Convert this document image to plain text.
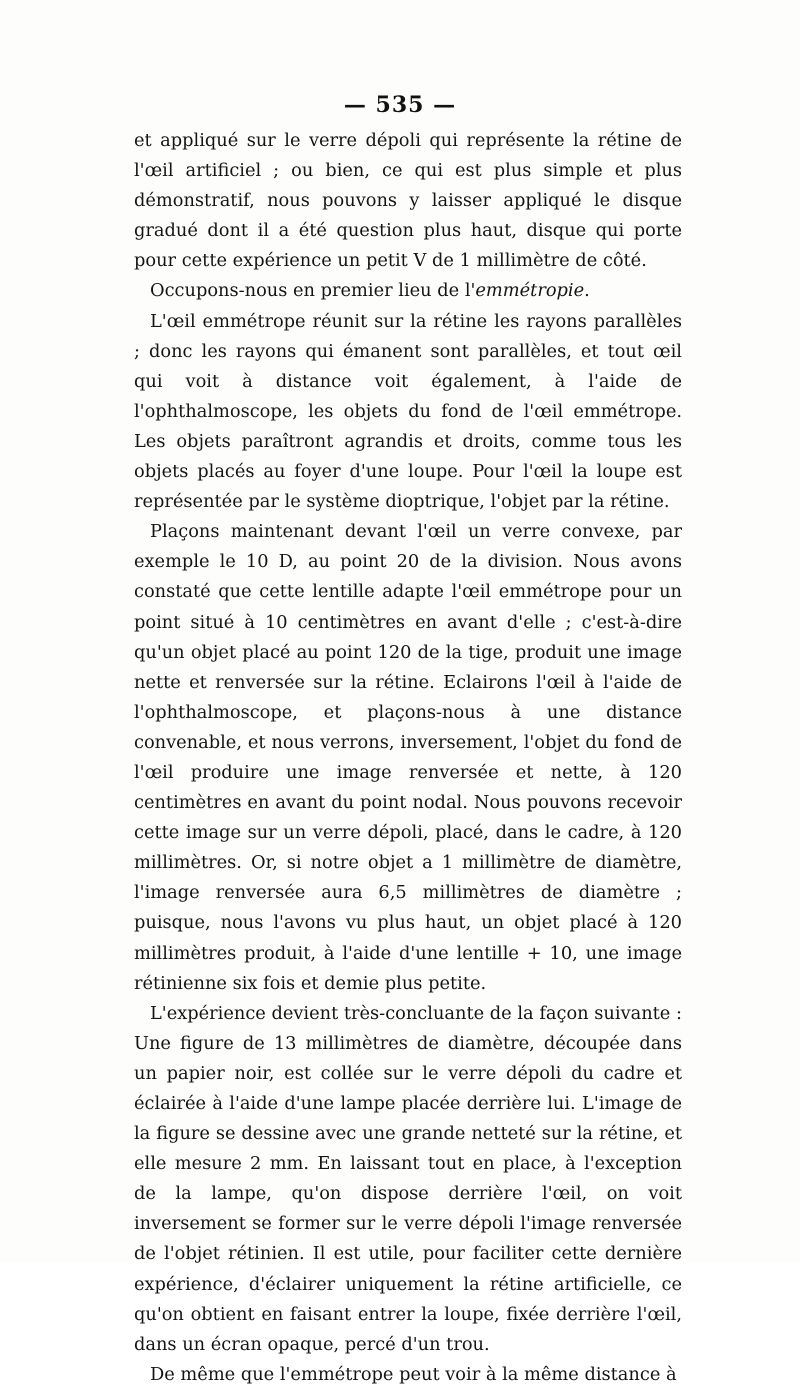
— 535 —

et appliqué sur le verre dépoli qui représente la rétine de l'œil artificiel ; ou bien, ce qui est plus simple et plus démonstratif, nous pouvons y laisser appliqué le disque gradué dont il a été question plus haut, disque qui porte pour cette expérience un petit V de 1 millimètre de côté.

Occupons-nous en premier lieu de l'emmétropie.

L'œil emmétrope réunit sur la rétine les rayons parallèles ; donc les rayons qui émanent sont parallèles, et tout œil qui voit à distance voit également, à l'aide de l'ophthalmoscope, les objets du fond de l'œil emmétrope. Les objets paraîtront agrandis et droits, comme tous les objets placés au foyer d'une loupe. Pour l'œil la loupe est représentée par le système dioptrique, l'objet par la rétine.

Plaçons maintenant devant l'œil un verre convexe, par exemple le 10 D, au point 20 de la division. Nous avons constaté que cette lentille adapte l'œil emmétrope pour un point situé à 10 centimètres en avant d'elle ; c'est-à-dire qu'un objet placé au point 120 de la tige, produit une image nette et renversée sur la rétine. Eclairons l'œil à l'aide de l'ophthalmoscope, et plaçons-nous à une distance convenable, et nous verrons, inversement, l'objet du fond de l'œil produire une image renversée et nette, à 120 centimètres en avant du point nodal. Nous pouvons recevoir cette image sur un verre dépoli, placé, dans le cadre, à 120 millimètres. Or, si notre objet a 1 millimètre de diamètre, l'image renversée aura 6,5 millimètres de diamètre ; puisque, nous l'avons vu plus haut, un objet placé à 120 millimètres produit, à l'aide d'une lentille + 10, une image rétinienne six fois et demie plus petite.

L'expérience devient très-concluante de la façon suivante : Une figure de 13 millimètres de diamètre, découpée dans un papier noir, est collée sur le verre dépoli du cadre et éclairée à l'aide d'une lampe placée derrière lui. L'image de la figure se dessine avec une grande netteté sur la rétine, et elle mesure 2 mm. En laissant tout en place, à l'exception de la lampe, qu'on dispose derrière l'œil, on voit inversement se former sur le verre dépoli l'image renversée de l'objet rétinien. Il est utile, pour faciliter cette dernière expérience, d'éclairer uniquement la rétine artificielle, ce qu'on obtient en faisant entrer la loupe, fixée derrière l'œil, dans un écran opaque, percé d'un trou.

De même que l'emmétrope peut voir à la même distance à
